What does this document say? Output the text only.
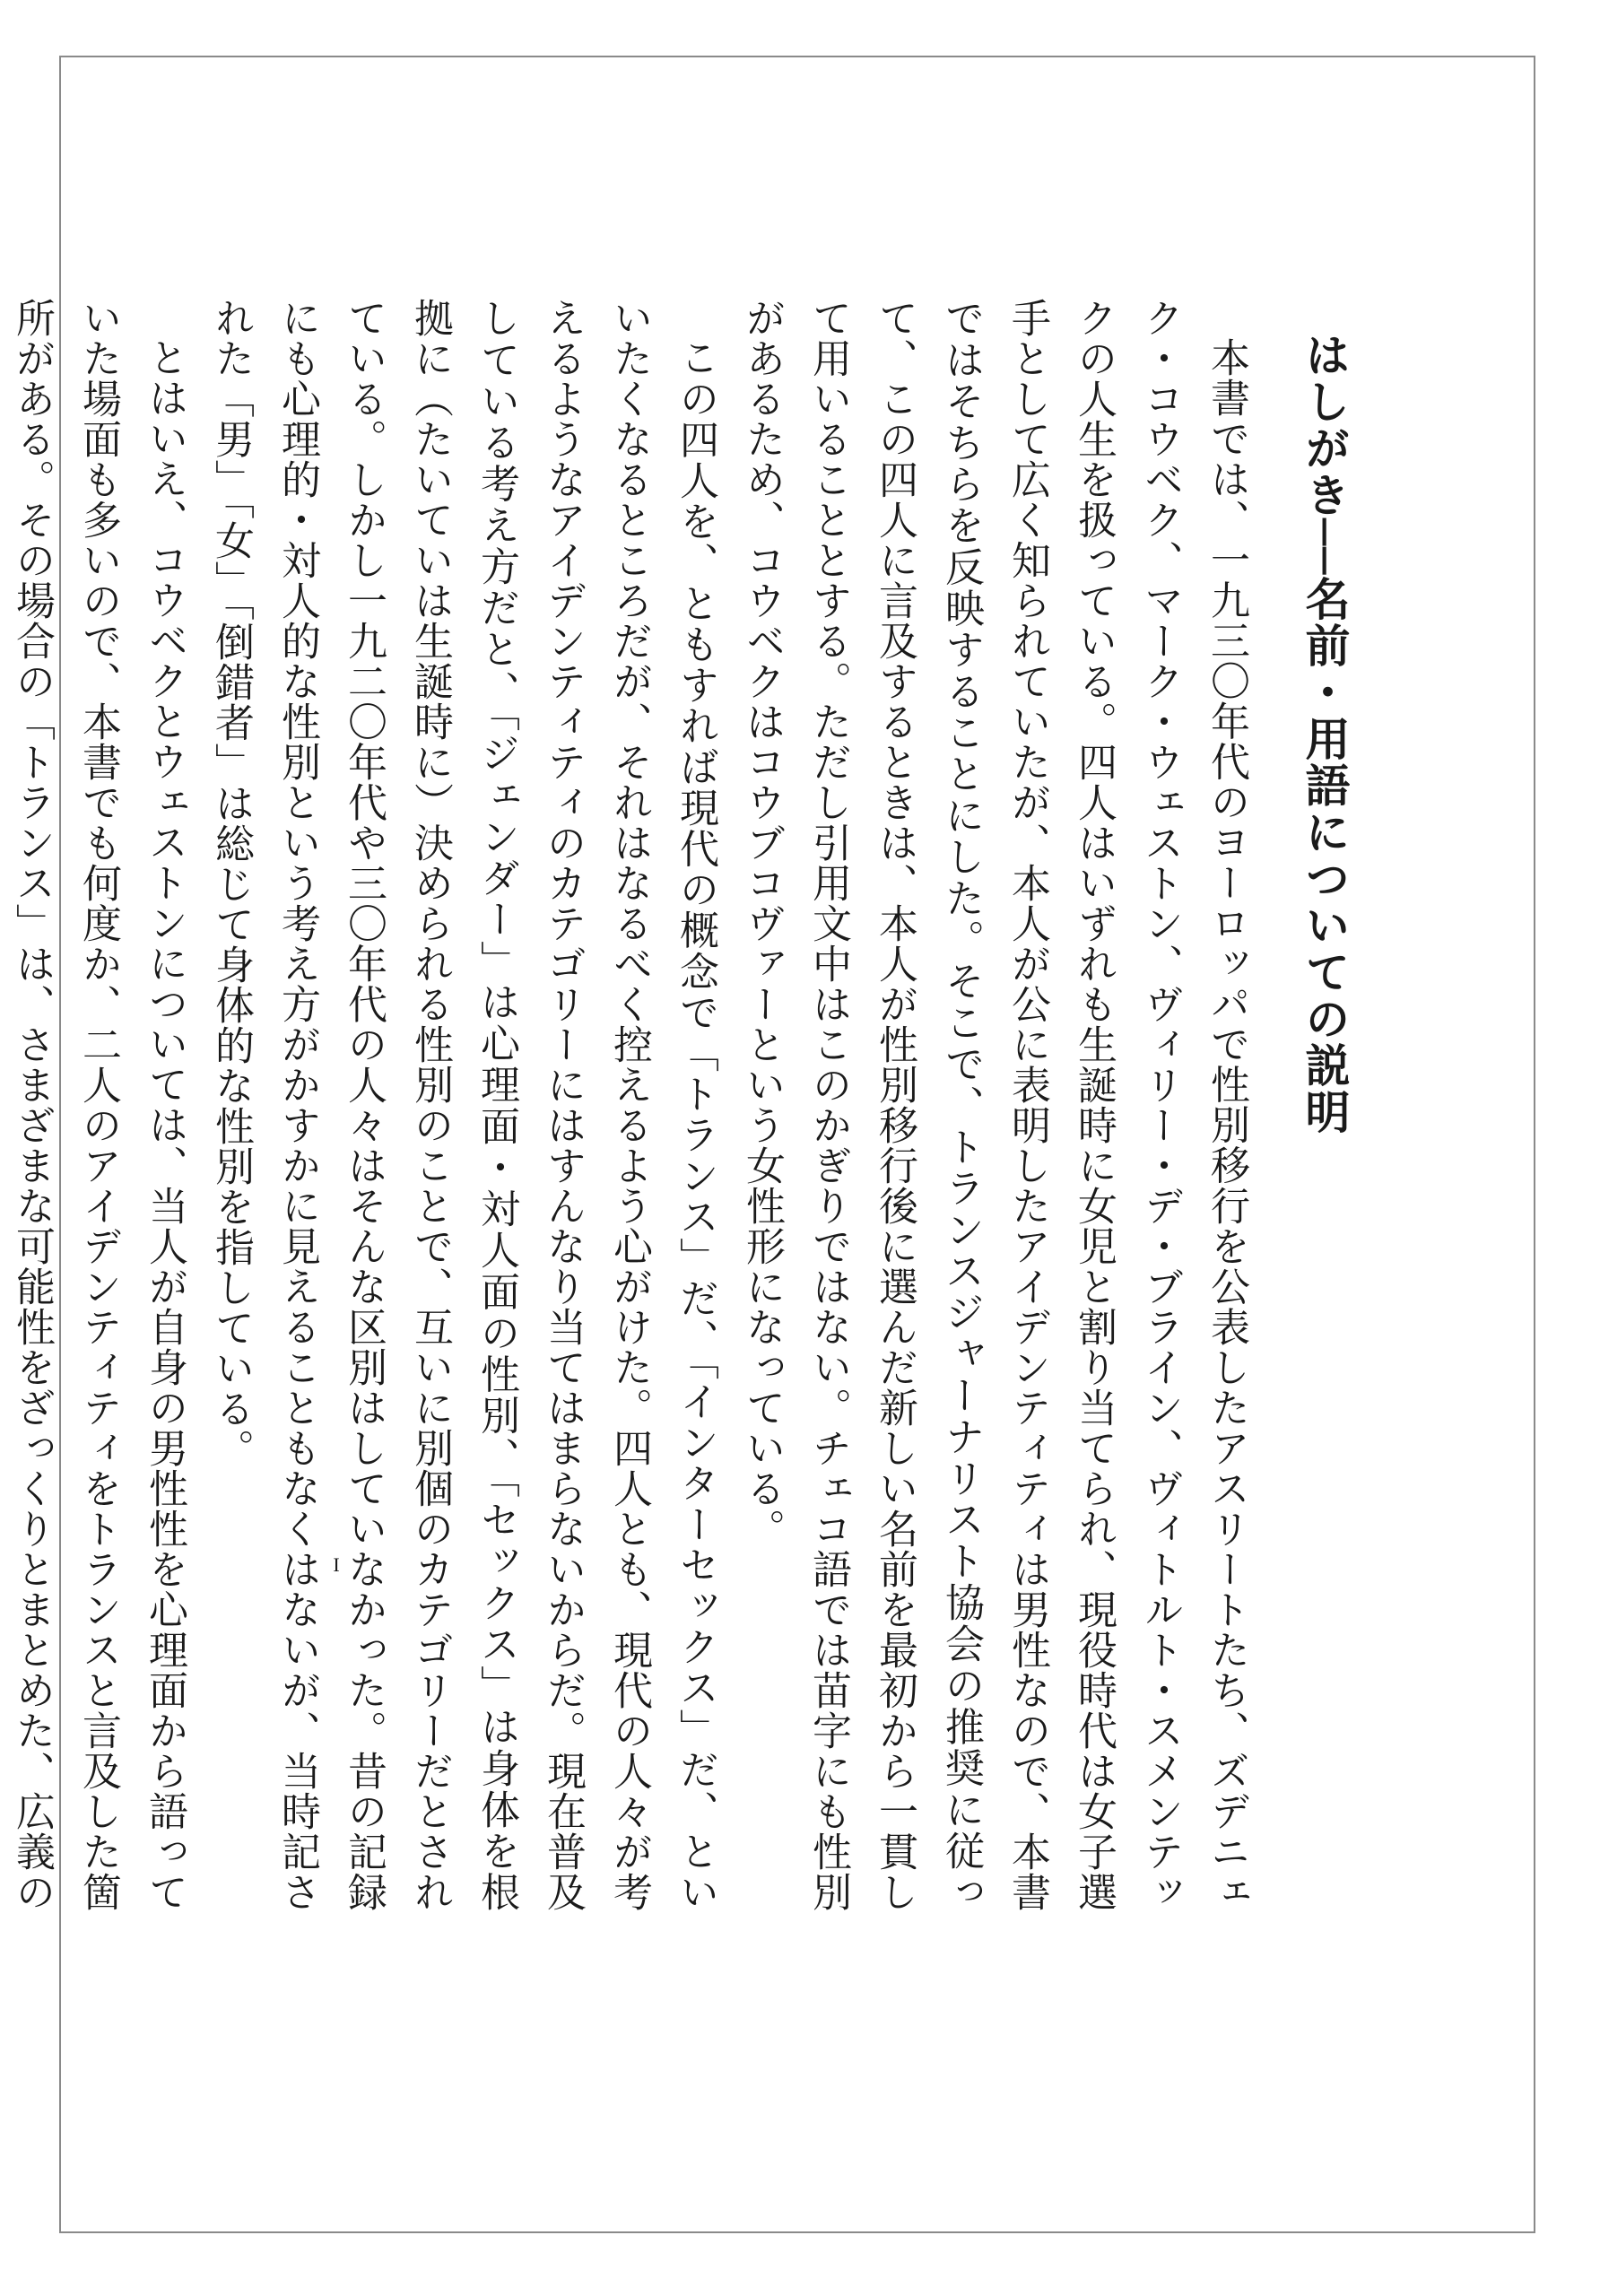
はしがき──名前・用語についての説明

本書では、一九三〇年代のヨーロッパで性別移行を公表したアスリートたち、ズデニェク・コウベク、マーク・ウェストン、ヴィリー・デ・ブライン、ヴィトルト・スメンテックの人生を扱っている。四人はいずれも生誕時に女児と割り当てられ、現役時代は女子選手として広く知られていたが、本人が公に表明したアイデンティティは男性なので、本書ではそちらを反映することにした。そこで、トランスジャーナリスト協会の推奨に従って、この四人に言及するときは、本人が性別移行後に選んだ新しい名前を最初から一貫して用いることとする。ただし引用文中はこのかぎりではない。チェコ語では苗字にも性別があるため、コウベクはコウブコヴァーという女性形になっている。

この四人を、ともすれば現代の概念で「トランス」だ、「インターセックス」だ、といいたくなるところだが、それはなるべく控えるよう心がけた。四人とも、現代の人々が考えるようなアイデンティティのカテゴリーにはすんなり当てはまらないからだ。現在普及している考え方だと、「ジェンダー」は心理面・対人面の性別、「セックス」は身体を根拠に（たいていは生誕時に）決められる性別のことで、互いに別個のカテゴリーだとされている。しかし一九二〇年代や三〇年代の人々はそんな区別はしていなかった。昔の記録にも心理的・対人的な性別という考え方がかすかに見えることもなくはないが、当時記された「男」「女」「倒錯者」は総じて身体的な性別を指している。

とはいえ、コウベクとウェストンについては、当人が自身の男性性を心理面から語っていた場面も多いので、本書でも何度か、二人のアイデンティティをトランスと言及した箇所がある。その場合の「トランス」は、さまざまな可能性をざっくりとまとめた、広義の

I
